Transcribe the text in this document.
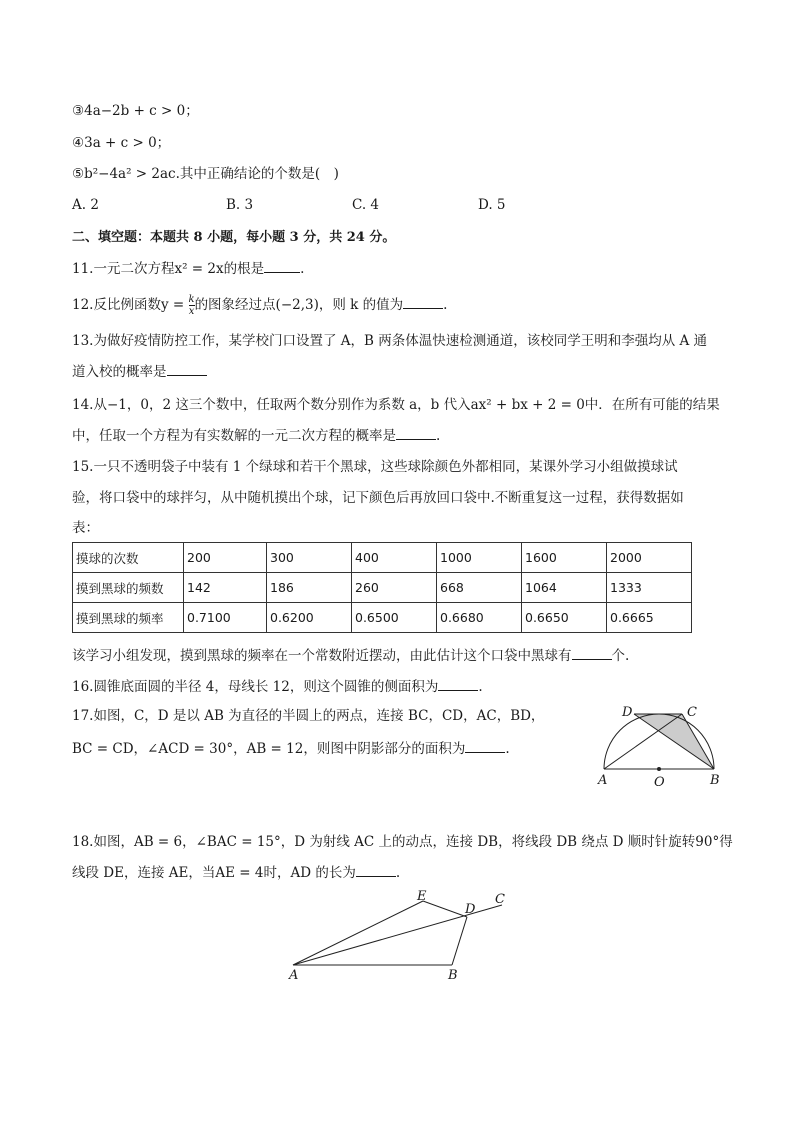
③4a−2b + c > 0；
④3a + c > 0；
⑤b²−4a² > 2ac.其中正确结论的个数是(　)
A. 2	B. 3	C. 4	D. 5
二、填空题：本题共 8 小题，每小题 3 分，共 24 分。
11.一元二次方程x² = 2x的根是	.
12.反比例函数$y = \frac{k}{x}$ 的图象经过点(−2,3)，则 k 的值为	.
13.为做好疫情防控工作，某学校门口设置了 A，B 两条体温快速检测通道，该校同学王明和李强均从 A 通
道入校的概率是
14.从−1，0，2 这三个数中，任取两个数分别作为系数 a，b 代入ax² + bx + 2 = 0中．在所有可能的结果
中，任取一个方程为有实数解的一元二次方程的概率是	.
15.一只不透明袋子中装有 1 个绿球和若干个黑球，这些球除颜色外都相同，某课外学习小组做摸球试
验，将口袋中的球拌匀，从中随机摸出个球，记下颜色后再放回口袋中.不断重复这一过程，获得数据如
表：
摸球的次数	200	300	400	1000	1600	2000
摸到黑球的频数	142	186	260	668	1064	1333
摸到黑球的频率	0.7100	0.6200	0.6500	0.6680	0.6650	0.6665
该学习小组发现，摸到黑球的频率在一个常数附近摆动，由此估计这个口袋中黑球有	个.
16.圆锥底面圆的半径 4，母线长 12，则这个圆锥的侧面积为	.
17.如图，C，D 是以 AB 为直径的半圆上的两点，连接 BC，CD，AC，BD，
BC = CD，∠ACD = 30°，AB = 12，则图中阴影部分的面积为	.
D	C
A	B
O
18.如图，AB = 6，∠BAC = 15°，D 为射线 AC 上的动点，连接 DB，将线段 DB 绕点 D 顺时针旋转90°得
线段 DE，连接 AE，当AE = 4时，AD 的长为	.
E
D
C
A	B
